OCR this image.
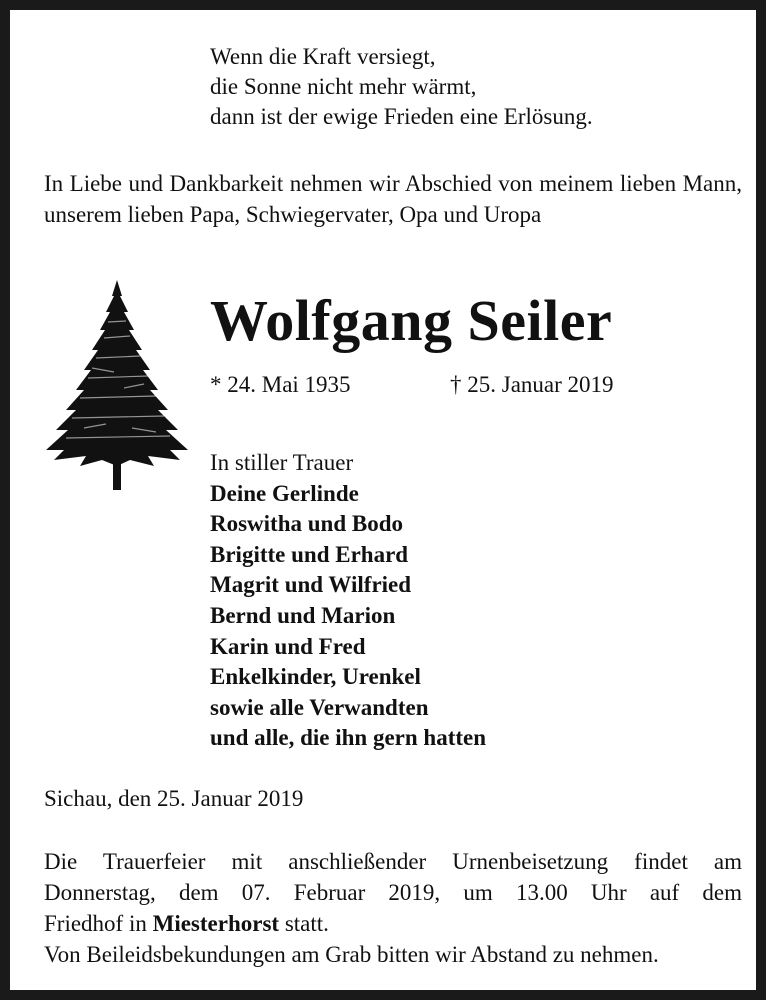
Wenn die Kraft versiegt,
die Sonne nicht mehr wärmt,
dann ist der ewige Frieden eine Erlösung.
In Liebe und Dankbarkeit nehmen wir Abschied von meinem lieben Mann, unserem lieben Papa, Schwiegervater, Opa und Uropa
Wolfgang Seiler
* 24. Mai 1935	† 25. Januar 2019
In stiller Trauer
Deine Gerlinde
Roswitha und Bodo
Brigitte und Erhard
Magrit und Wilfried
Bernd und Marion
Karin und Fred
Enkelkinder, Urenkel
sowie alle Verwandten
und alle, die ihn gern hatten
Sichau, den 25. Januar 2019
Die Trauerfeier mit anschließender Urnenbeisetzung findet am
Donnerstag, dem 07. Februar 2019, um 13.00 Uhr auf dem
Friedhof in Miesterhorst statt.
Von Beileidsbekundungen am Grab bitten wir Abstand zu nehmen.
